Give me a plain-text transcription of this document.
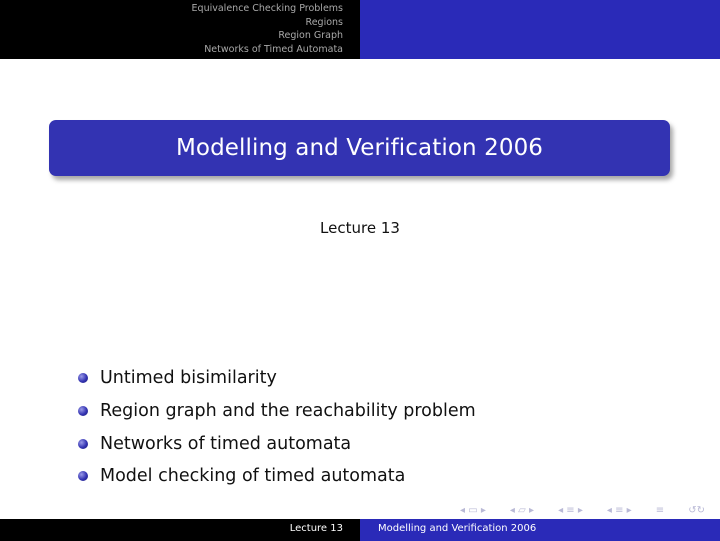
Equivalence Checking Problems
Regions
Region Graph
Networks of Timed Automata
Modelling and Verification 2006
Lecture 13
Untimed bisimilarity
Region graph and the reachability problem
Networks of timed automata
Model checking of timed automata
◂ ▭ ▸ ◂ ▱ ▸ ◂ ≡ ▸ ◂ ≡ ▸ ≡ ↺↻
Lecture 13	Modelling and Verification 2006
